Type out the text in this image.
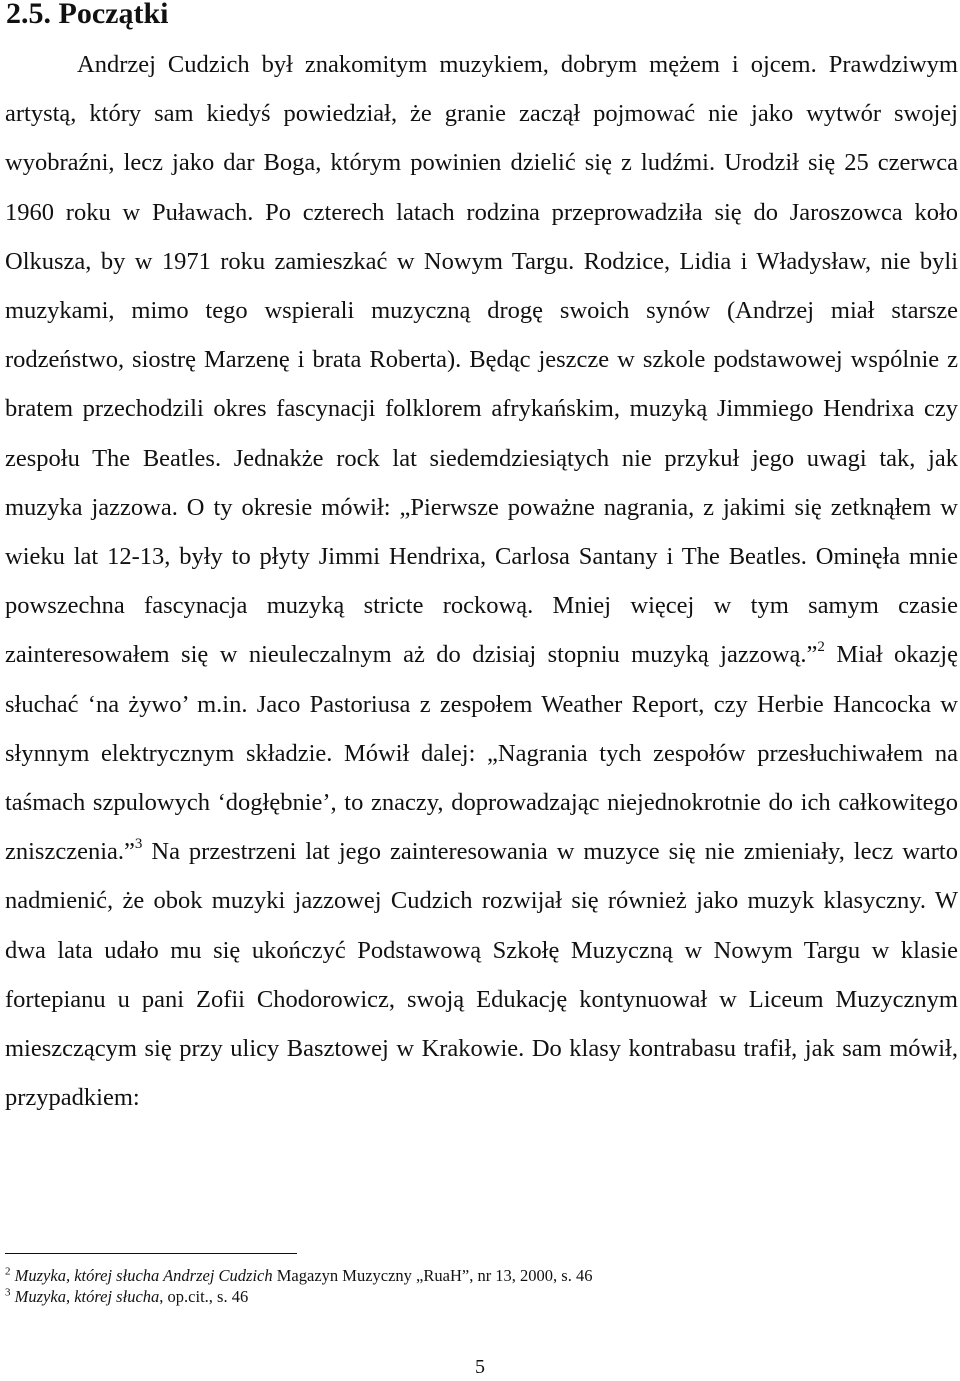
2.5. Początki

Andrzej Cudzich był znakomitym muzykiem, dobrym mężem i ojcem. Prawdziwym artystą, który sam kiedyś powiedział, że granie zaczął pojmować nie jako wytwór swojej wyobraźni, lecz jako dar Boga, którym powinien dzielić się z ludźmi. Urodził się 25 czerwca 1960 roku w Puławach. Po czterech latach rodzina przeprowadziła się do Jaroszowca koło Olkusza, by w 1971 roku zamieszkać w Nowym Targu. Rodzice, Lidia i Władysław, nie byli muzykami, mimo tego wspierali muzyczną drogę swoich synów (Andrzej miał starsze rodzeństwo, siostrę Marzenę i brata Roberta). Będąc jeszcze w szkole podstawowej wspólnie z bratem przechodzili okres fascynacji folklorem afrykańskim, muzyką Jimmiego Hendrixa czy zespołu The Beatles. Jednakże rock lat siedemdziesiątych nie przykuł jego uwagi tak, jak muzyka jazzowa. O ty okresie mówił: „Pierwsze poważne nagrania, z jakimi się zetknąłem w wieku lat 12-13, były to płyty Jimmi Hendrixa, Carlosa Santany i The Beatles. Ominęła mnie powszechna fascynacja muzyką stricte rockową. Mniej więcej w tym samym czasie zainteresowałem się w nieuleczalnym aż do dzisiaj stopniu muzyką jazzową.”$^2$ Miał okazję słuchać ‘na żywo’ m.in. Jaco Pastoriusa z zespołem Weather Report, czy Herbie Hancocka w słynnym elektrycznym składzie. Mówił dalej: „Nagrania tych zespołów przesłuchiwałem na taśmach szpulowych ‘dogłębnie’, to znaczy, doprowadzając niejednokrotnie do ich całkowitego zniszczenia.”$^3$ Na przestrzeni lat jego zainteresowania w muzyce się nie zmieniały, lecz warto nadmienić, że obok muzyki jazzowej Cudzich rozwijał się również jako muzyk klasyczny. W dwa lata udało mu się ukończyć Podstawową Szkołę Muzyczną w Nowym Targu w klasie fortepianu u pani Zofii Chodorowicz, swoją Edukację kontynuował w Liceum Muzycznym mieszczącym się przy ulicy Basztowej w Krakowie. Do klasy kontrabasu trafił, jak sam mówił, przypadkiem:

$^2$ Muzyka, której słucha Andrzej Cudzich Magazyn Muzyczny „RuaH”, nr 13, 2000, s. 46

$^3$ Muzyka, której słucha, op.cit., s. 46

5
